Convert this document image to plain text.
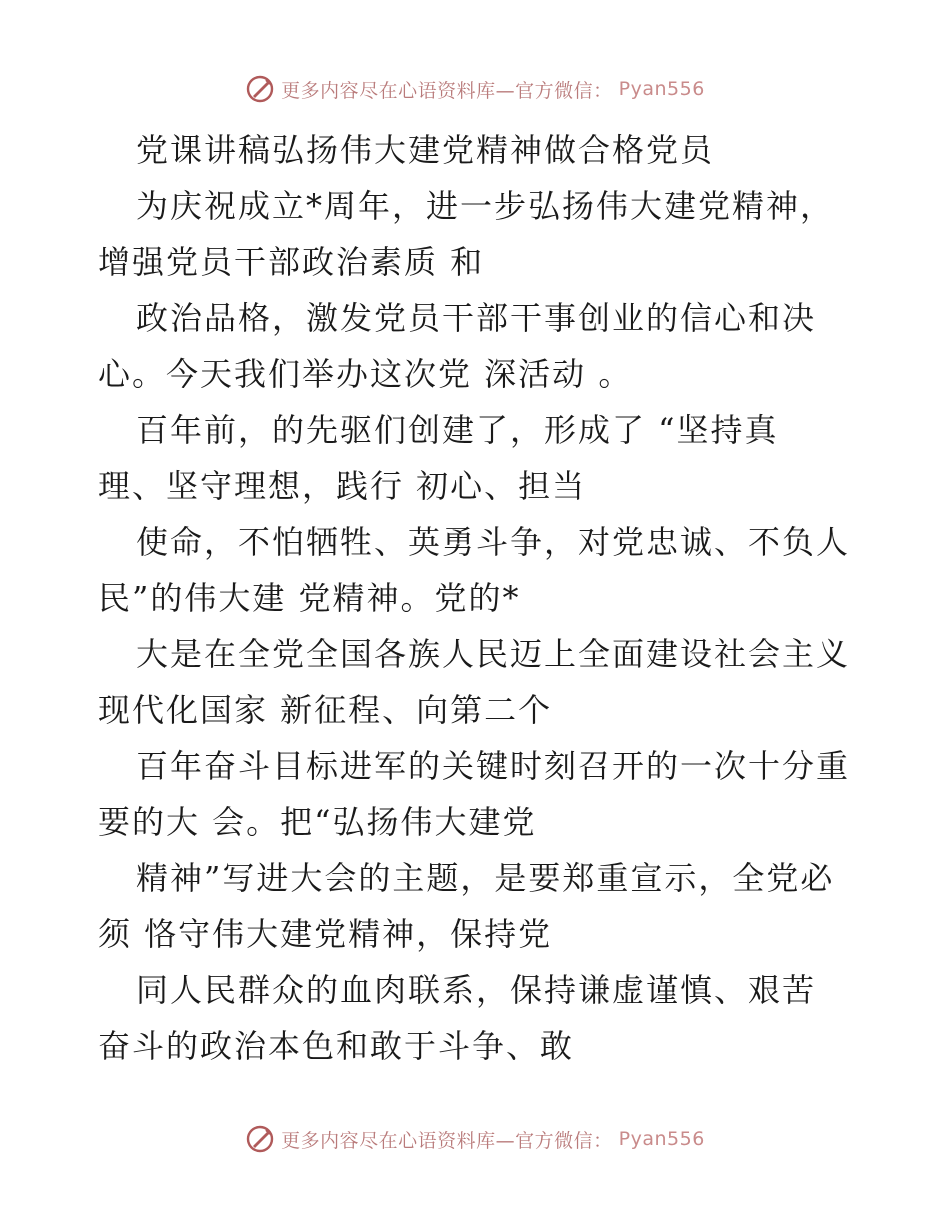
更多内容尽在心语资料库—官方微信： Pyan556
党课讲稿弘扬伟大建党精神做合格党员
为庆祝成立*周年，进一步弘扬伟大建党精神，
增强党员干部政治素质 和
政治品格，激发党员干部干事创业的信心和决
心。今天我们举办这次党 深活动 。
百年前，的先驱们创建了，形成了 “坚持真
理、坚守理想，践行 初心、担当
使命，不怕牺牲、英勇斗争，对党忠诚、不负人
民”的伟大建 党精神。党的*
大是在全党全国各族人民迈上全面建设社会主义
现代化国家 新征程、向第二个
百年奋斗目标进军的关键时刻召开的一次十分重
要的大 会。把“弘扬伟大建党
精神”写进大会的主题，是要郑重宣示，全党必
须 恪守伟大建党精神，保持党
同人民群众的血肉联系，保持谦虚谨慎、艰苦
奋斗的政治本色和敢于斗争、敢
更多内容尽在心语资料库—官方微信： Pyan556
